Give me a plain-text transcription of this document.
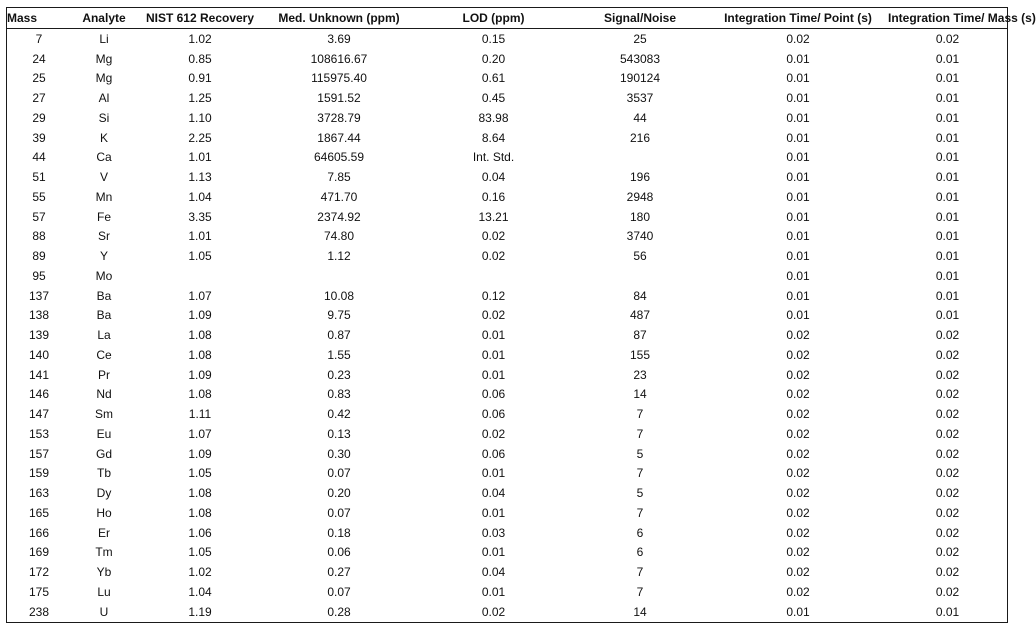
Mass	Analyte	NIST 612 Recovery	Med. Unknown (ppm)	LOD (ppm)	Signal/Noise	Integration Time/ Point (s)	Integration Time/ Mass (s)
7	Li	1.02	3.69	0.15	25	0.02	0.02
24	Mg	0.85	108616.67	0.20	543083	0.01	0.01
25	Mg	0.91	115975.40	0.61	190124	0.01	0.01
27	Al	1.25	1591.52	0.45	3537	0.01	0.01
29	Si	1.10	3728.79	83.98	44	0.01	0.01
39	K	2.25	1867.44	8.64	216	0.01	0.01
44	Ca	1.01	64605.59	Int. Std.		0.01	0.01
51	V	1.13	7.85	0.04	196	0.01	0.01
55	Mn	1.04	471.70	0.16	2948	0.01	0.01
57	Fe	3.35	2374.92	13.21	180	0.01	0.01
88	Sr	1.01	74.80	0.02	3740	0.01	0.01
89	Y	1.05	1.12	0.02	56	0.01	0.01
95	Mo					0.01	0.01
137	Ba	1.07	10.08	0.12	84	0.01	0.01
138	Ba	1.09	9.75	0.02	487	0.01	0.01
139	La	1.08	0.87	0.01	87	0.02	0.02
140	Ce	1.08	1.55	0.01	155	0.02	0.02
141	Pr	1.09	0.23	0.01	23	0.02	0.02
146	Nd	1.08	0.83	0.06	14	0.02	0.02
147	Sm	1.11	0.42	0.06	7	0.02	0.02
153	Eu	1.07	0.13	0.02	7	0.02	0.02
157	Gd	1.09	0.30	0.06	5	0.02	0.02
159	Tb	1.05	0.07	0.01	7	0.02	0.02
163	Dy	1.08	0.20	0.04	5	0.02	0.02
165	Ho	1.08	0.07	0.01	7	0.02	0.02
166	Er	1.06	0.18	0.03	6	0.02	0.02
169	Tm	1.05	0.06	0.01	6	0.02	0.02
172	Yb	1.02	0.27	0.04	7	0.02	0.02
175	Lu	1.04	0.07	0.01	7	0.02	0.02
238	U	1.19	0.28	0.02	14	0.01	0.01
